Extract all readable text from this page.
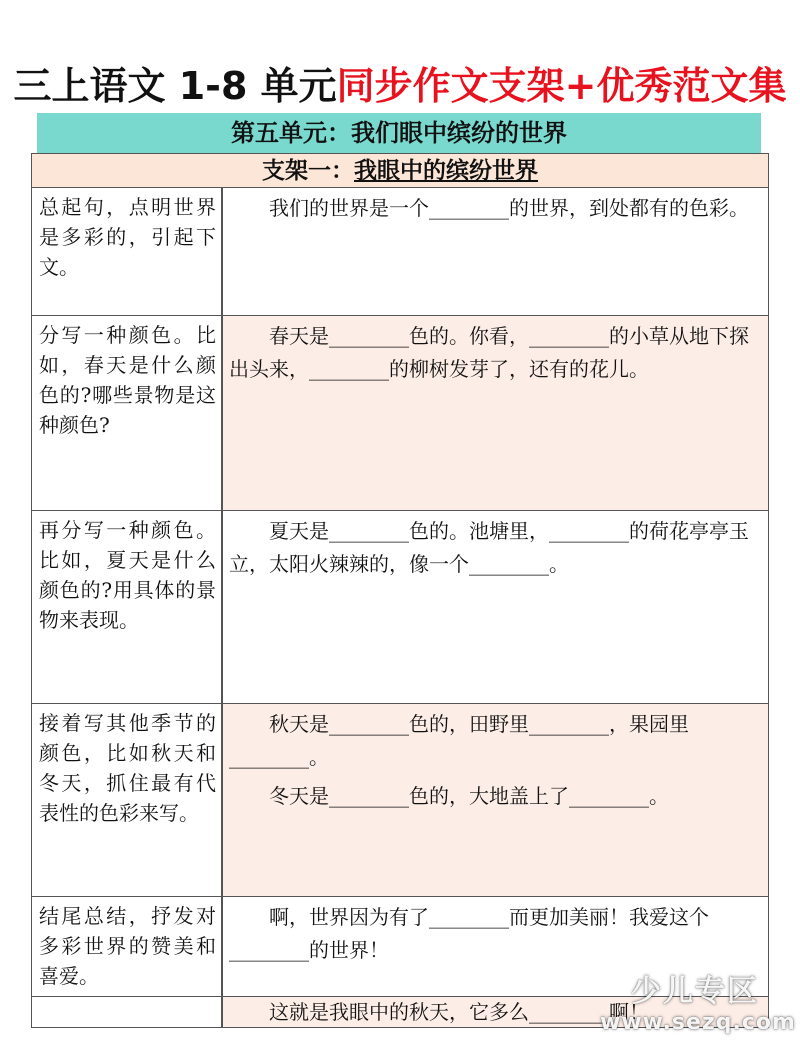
三上语文 1-8 单元同步作文支架+优秀范文集
第五单元：我们眼中缤纷的世界
支架一：我眼中的缤纷世界
总起句，点明世界是多彩的，引起下文。

我们的世界是一个________的世界，到处都有的色彩。

分写一种颜色。比如，春天是什么颜色的?哪些景物是这种颜色?

春天是________色的。你看，________的小草从地下探出头来，________的柳树发芽了，还有的花儿。

再分写一种颜色。比如，夏天是什么颜色的?用具体的景物来表现。

夏天是________色的。池塘里，________的荷花亭亭玉立，太阳火辣辣的，像一个________。

接着写其他季节的颜色，比如秋天和冬天，抓住最有代表性的色彩来写。

秋天是________色的，田野里________，果园里________。

冬天是________色的，大地盖上了________。

结尾总结，抒发对多彩世界的赞美和喜爱。

啊，世界因为有了________而更加美丽！我爱这个________的世界！

这就是我眼中的秋天，它多么________啊！

少儿专区
www.sezq.com
